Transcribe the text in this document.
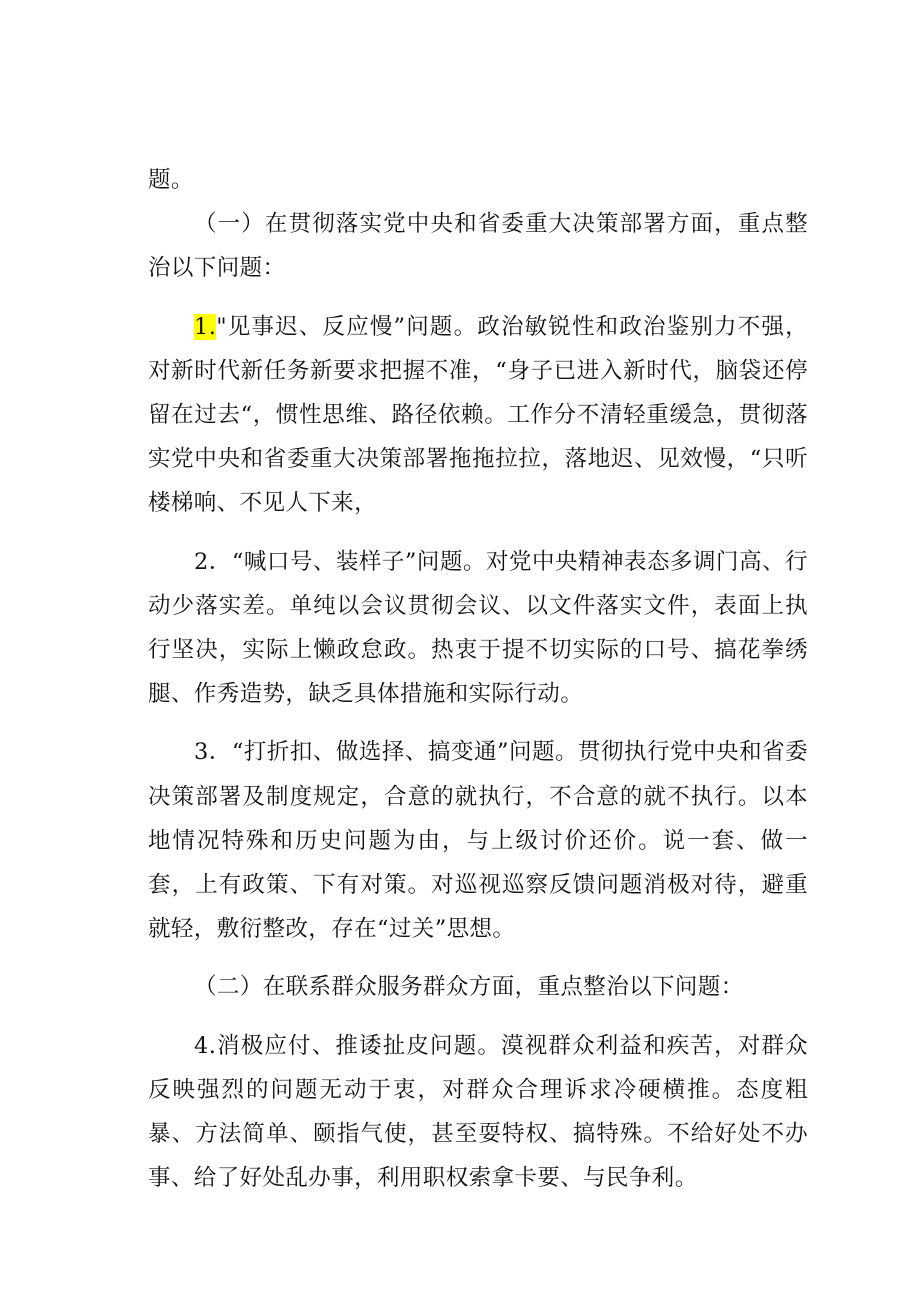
题。

（一）在贯彻落实党中央和省委重大决策部署方面，重点整治以下问题：

1."见事迟、反应慢”问题。政治敏锐性和政治鉴别力不强，对新时代新任务新要求把握不准，“身子已进入新时代，脑袋还停留在过去“，惯性思维、路径依赖。工作分不清轻重缓急，贯彻落实党中央和省委重大决策部署拖拖拉拉，落地迟、见效慢，“只听楼梯响、不见人下来，

2．“喊口号、装样子”问题。对党中央精神表态多调门高、行动少落实差。单纯以会议贯彻会议、以文件落实文件，表面上执行坚决，实际上懒政怠政。热衷于提不切实际的口号、搞花拳绣腿、作秀造势，缺乏具体措施和实际行动。

3．“打折扣、做选择、搞变通”问题。贯彻执行党中央和省委决策部署及制度规定，合意的就执行，不合意的就不执行。以本地情况特殊和历史问题为由，与上级讨价还价。说一套、做一套，上有政策、下有对策。对巡视巡察反馈问题消极对待，避重就轻，敷衍整改，存在“过关”思想。

（二）在联系群众服务群众方面，重点整治以下问题：

4.消极应付、推诿扯皮问题。漠视群众利益和疾苦，对群众反映强烈的问题无动于衷，对群众合理诉求冷硬横推。态度粗暴、方法简单、颐指气使，甚至耍特权、搞特殊。不给好处不办事、给了好处乱办事，利用职权索拿卡要、与民争利。
